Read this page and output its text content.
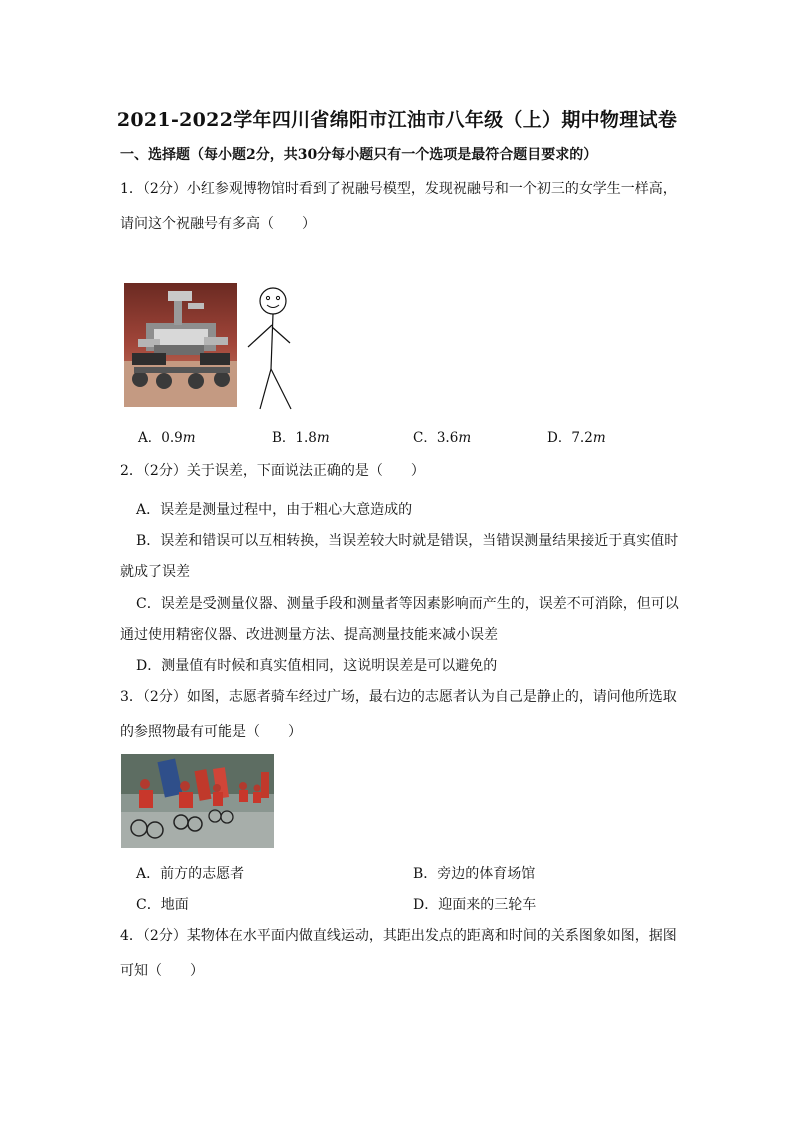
2021-2022学年四川省绵阳市江油市八年级（上）期中物理试卷
一、选择题（每小题2分，共30分每小题只有一个选项是最符合题目要求的）
1．（2分）小红参观博物馆时看到了祝融号模型，发现祝融号和一个初三的女学生一样高，
请问这个祝融号有多高（　　）
A．0.9m	B．1.8m	C．3.6m	D．7.2m
2．（2分）关于误差，下面说法正确的是（　　）
A．误差是测量过程中，由于粗心大意造成的
B．误差和错误可以互相转换，当误差较大时就是错误，当错误测量结果接近于真实值时
就成了误差
C．误差是受测量仪器、测量手段和测量者等因素影响而产生的，误差不可消除，但可以
通过使用精密仪器、改进测量方法、提高测量技能来减小误差
D．测量值有时候和真实值相同，这说明误差是可以避免的
3．（2分）如图，志愿者骑车经过广场，最右边的志愿者认为自己是静止的，请问他所选取
的参照物最有可能是（　　）
A．前方的志愿者	B．旁边的体育场馆
C．地面	D．迎面来的三轮车
4．（2分）某物体在水平面内做直线运动，其距出发点的距离和时间的关系图象如图，据图
可知（　　）
